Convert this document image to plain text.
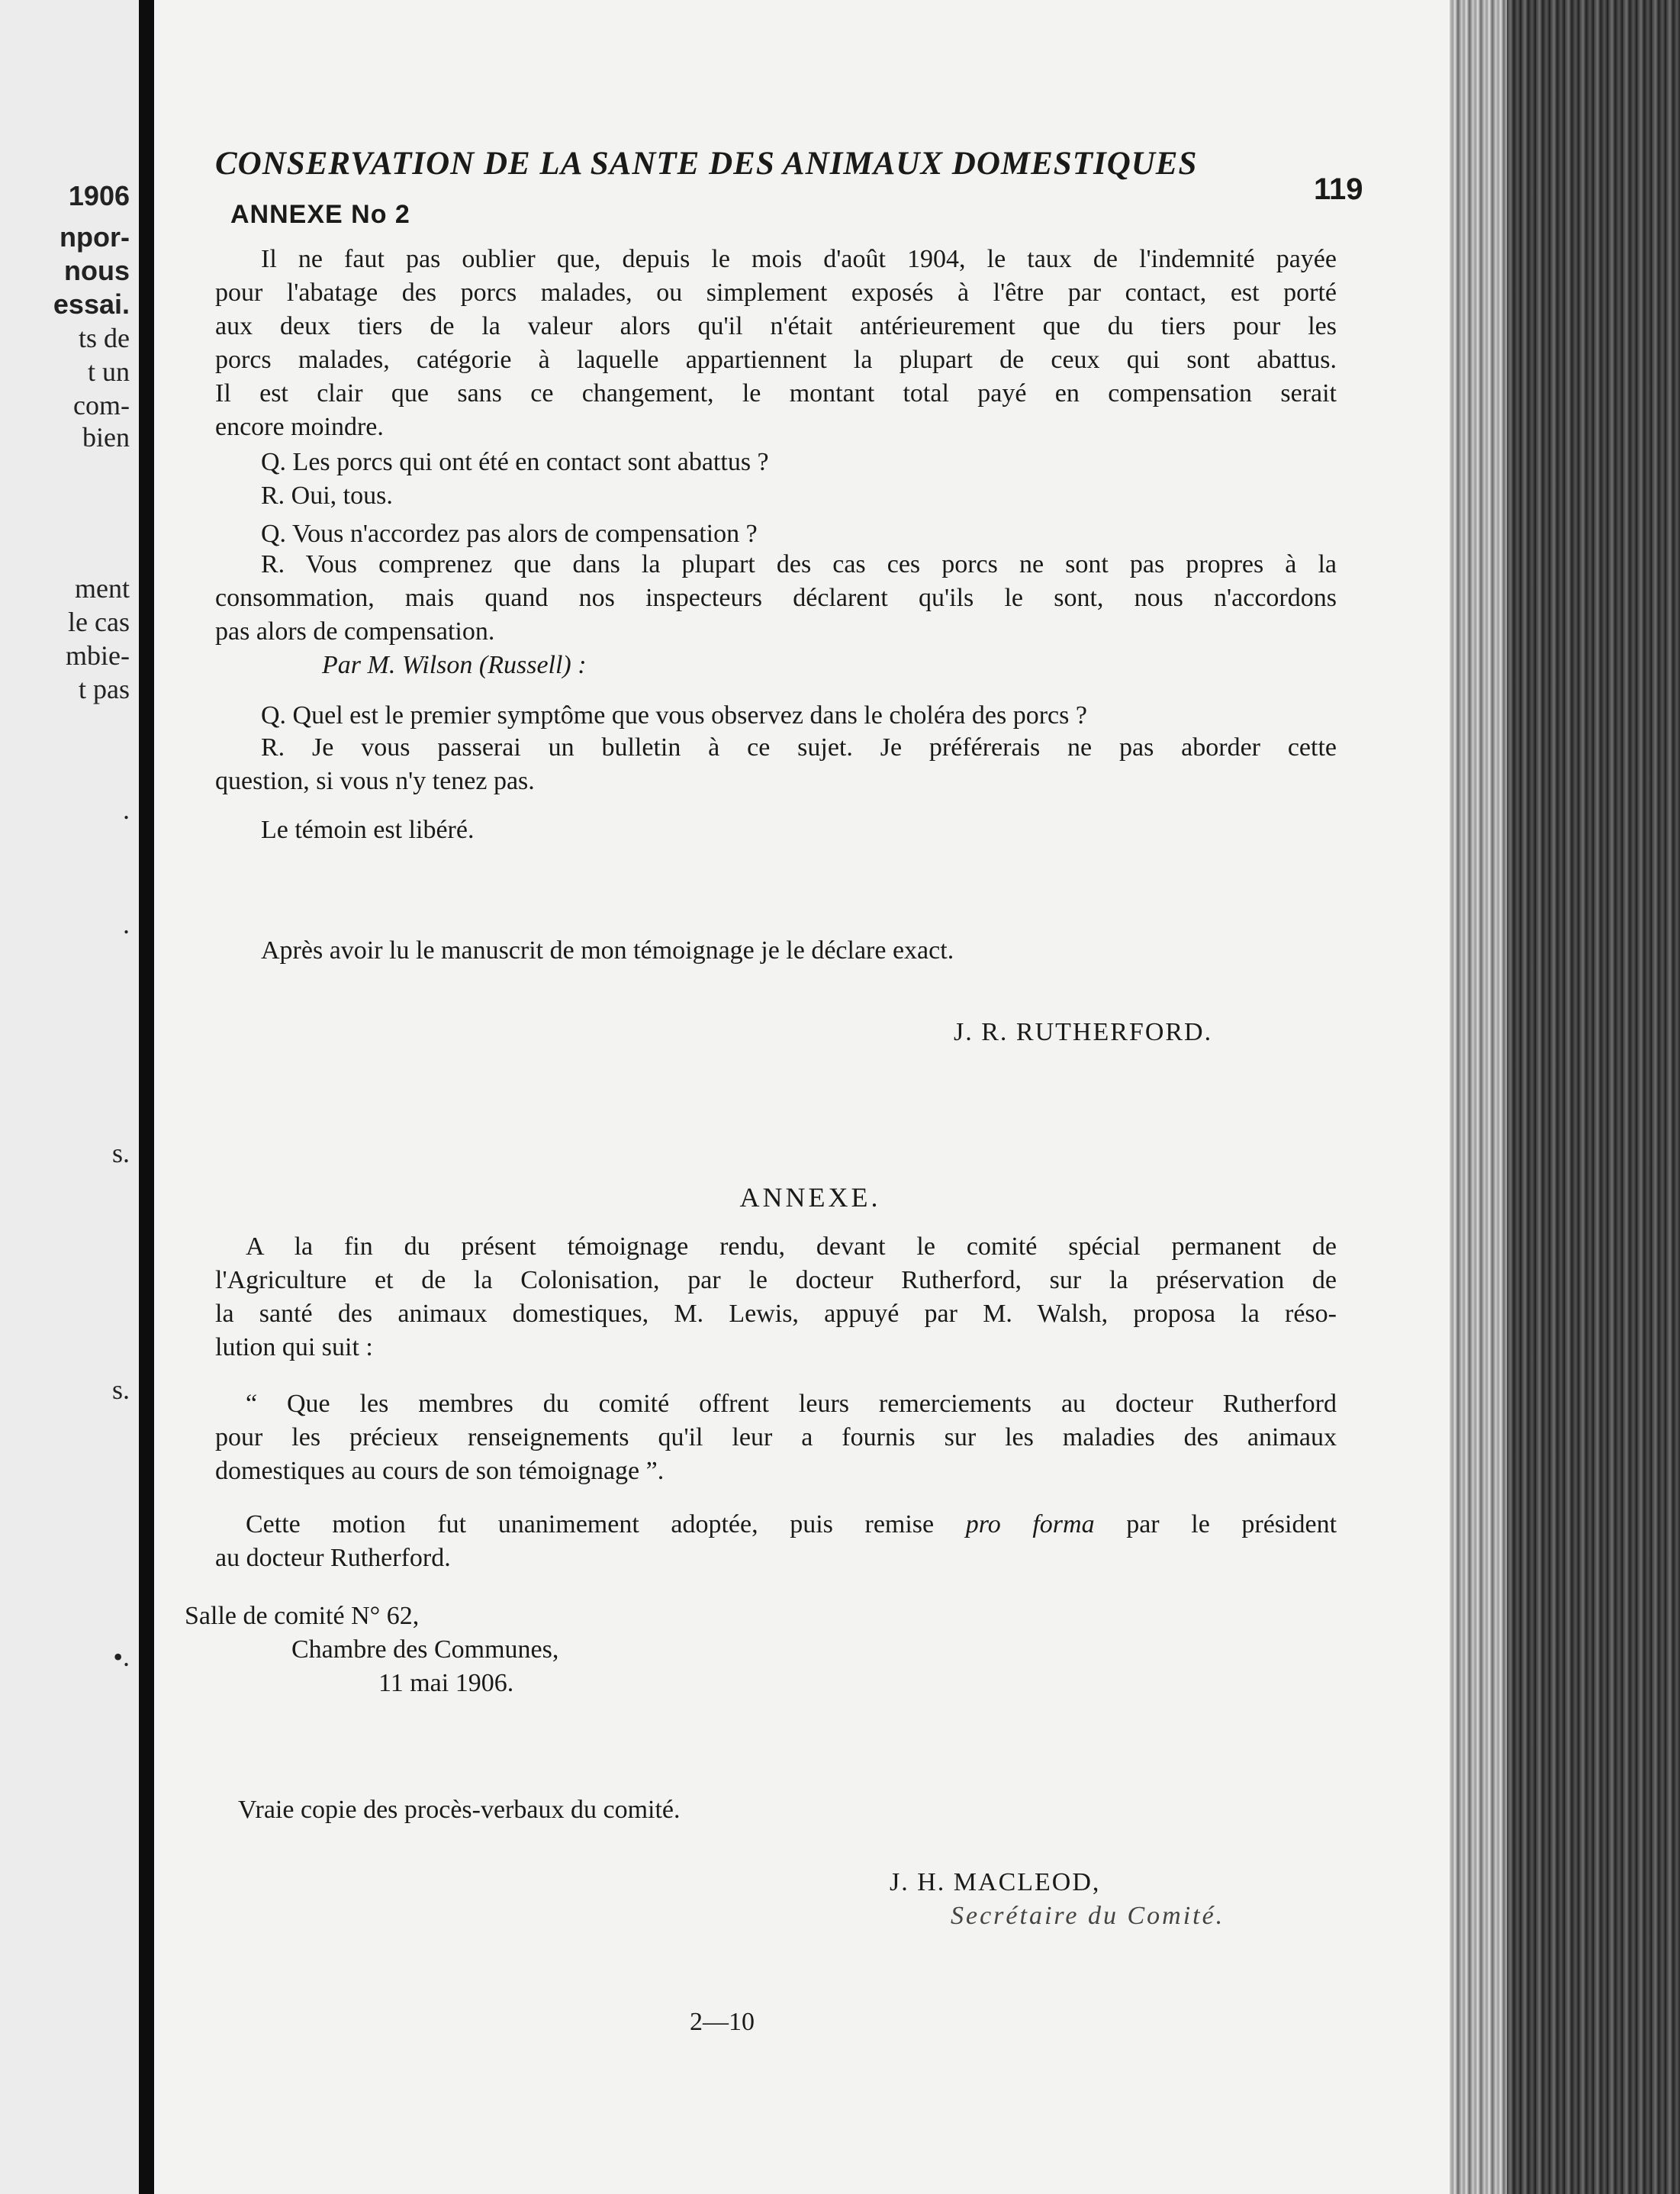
1906
npor-
nous
essai.
ts de
t un
com-
bien
ment
le cas
mbie-
t pas
.
.
s.
s.
•.
CONSERVATION DE LA SANTE DES ANIMAUX DOMESTIQUES
119
ANNEXE No 2
Il ne faut pas oublier que, depuis le mois d'août 1904, le taux de l'indemnité payée
pour l'abatage des porcs malades, ou simplement exposés à l'être par contact, est porté
aux deux tiers de la valeur alors qu'il n'était antérieurement que du tiers pour les
porcs malades, catégorie à laquelle appartiennent la plupart de ceux qui sont abattus.
Il est clair que sans ce changement, le montant total payé en compensation serait
encore moindre.
Q. Les porcs qui ont été en contact sont abattus ?
R. Oui, tous.
Q. Vous n'accordez pas alors de compensation ?
R. Vous comprenez que dans la plupart des cas ces porcs ne sont pas propres à la
consommation, mais quand nos inspecteurs déclarent qu'ils le sont, nous n'accordons
pas alors de compensation.
Par M. Wilson (Russell) :
Q. Quel est le premier symptôme que vous observez dans le choléra des porcs ?
R. Je vous passerai un bulletin à ce sujet. Je préférerais ne pas aborder cette
question, si vous n'y tenez pas.
Le témoin est libéré.
Après avoir lu le manuscrit de mon témoignage je le déclare exact.
J. R. RUTHERFORD.
ANNEXE.
A la fin du présent témoignage rendu, devant le comité spécial permanent de
l'Agriculture et de la Colonisation, par le docteur Rutherford, sur la préservation de
la santé des animaux domestiques, M. Lewis, appuyé par M. Walsh, proposa la réso-
lution qui suit :
“ Que les membres du comité offrent leurs remerciements au docteur Rutherford
pour les précieux renseignements qu'il leur a fournis sur les maladies des animaux
domestiques au cours de son témoignage ”.
Cette motion fut unanimement adoptée, puis remise pro forma par le président
au docteur Rutherford.
Salle de comité N° 62,
Chambre des Communes,
11 mai 1906.
Vraie copie des procès-verbaux du comité.
J. H. MACLEOD,
Secrétaire du Comité.
2—10
